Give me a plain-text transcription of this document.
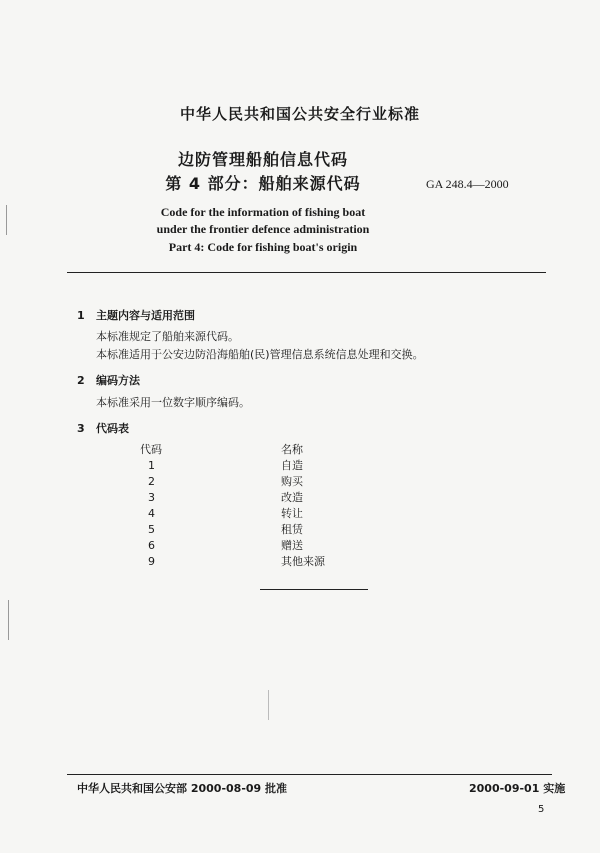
中华人民共和国公共安全行业标准
边防管理船舶信息代码
第 4 部分：船舶来源代码	GA 248.4—2000
Code for the information of fishing boat
under the frontier defence administration
Part 4: Code for fishing boat's origin
1 主题内容与适用范围
本标准规定了船舶来源代码。
本标准适用于公安边防沿海船舶(民)管理信息系统信息处理和交换。
2 编码方法
本标准采用一位数字顺序编码。
3 代码表
代码	名称
1	自造
2	购买
3	改造
4	转让
5	租赁
6	赠送
9	其他来源
中华人民共和国公安部 2000-08-09 批准	2000-09-01 实施
5
